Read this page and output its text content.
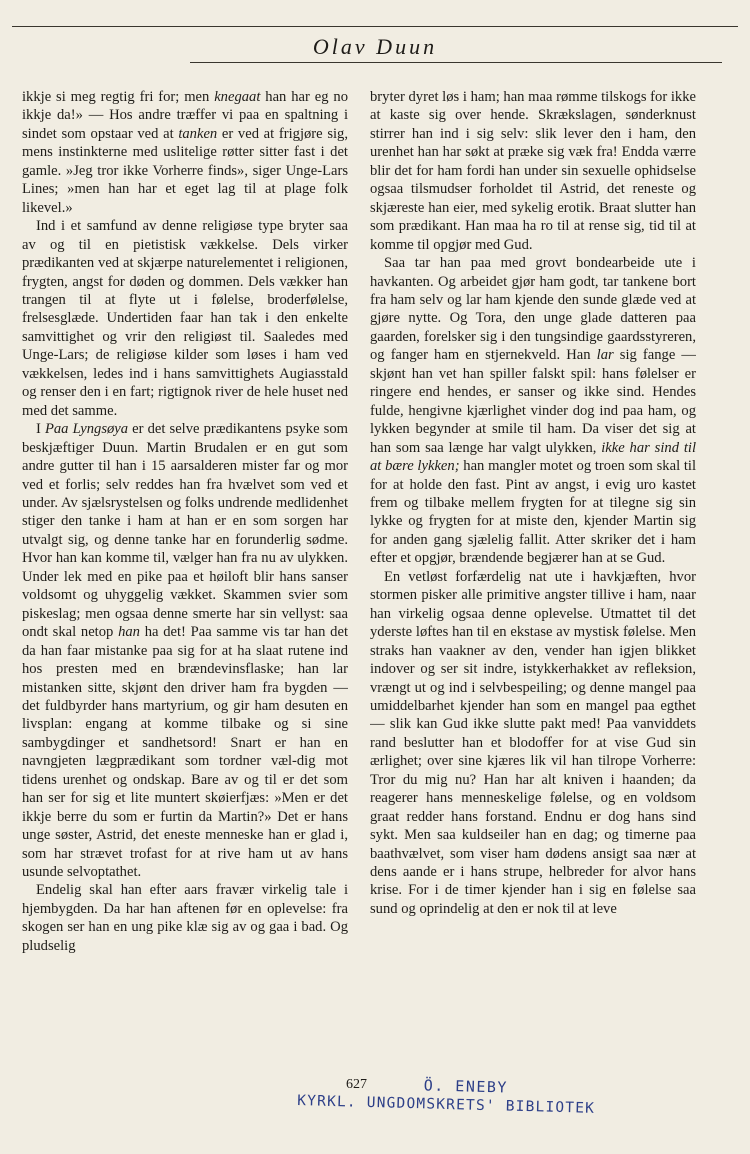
Olav Duun

ikkje si meg regtig fri for; men knegaat han har eg no ikkje da!» — Hos andre træffer vi paa en spaltning i sindet som opstaar ved at tanken er ved at frigjøre sig, mens instinkterne med uslitelige røtter sitter fast i det gamle. »Jeg tror ikke Vorherre finds», siger Unge-Lars Lines; »men han har et eget lag til at plage folk likevel.»

Ind i et samfund av denne religiøse type bryter saa av og til en pietistisk vækkelse. Dels virker prædikanten ved at skjærpe naturelementet i religionen, frygten, angst for døden og dommen. Dels vækker han trangen til at flyte ut i følelse, broderfølelse, frelsesglæde. Undertiden faar han tak i den enkelte samvittighet og vrir den religiøst til. Saaledes med Unge-Lars; de religiøse kilder som løses i ham ved vækkelsen, ledes ind i hans samvittighets Augiasstald og renser den i en fart; rigtignok river de hele huset ned med det samme.

I Paa Lyngsøya er det selve prædikantens psyke som beskjæftiger Duun. Martin Brudalen er en gut som andre gutter til han i 15 aarsalderen mister far og mor ved et forlis; selv reddes han fra hvælvet som ved et under. Av sjælsrystelsen og folks undrende medlidenhet stiger den tanke i ham at han er en som sorgen har utvalgt sig, og denne tanke har en forunderlig sødme. Hvor han kan komme til, vælger han fra nu av ulykken. Under lek med en pike paa et høiloft blir hans sanser voldsomt og uhyggelig vækket. Skammen svier som piskeslag; men ogsaa denne smerte har sin vellyst: saa ondt skal netop han ha det! Paa samme vis tar han det da han faar mistanke paa sig for at ha slaat rutene ind hos presten med en brændevinsflaske; han lar mistanken sitte, skjønt den driver ham fra bygden — det fuldbyrder hans martyrium, og gir ham desuten en livsplan: engang at komme tilbake og si sine sambygdinger et sandhetsord! Snart er han en navngjeten lægprædikant som tordner væl-dig mot tidens urenhet og ondskap. Bare av og til er det som han ser for sig et lite muntert skøierfjæs: »Men er det ikkje berre du som er furtin da Martin?» Det er hans unge søster, Astrid, det eneste menneske han er glad i, som har strævet trofast for at rive ham ut av hans usunde selvoptathet.

Endelig skal han efter aars fravær virkelig tale i hjembygden. Da har han aftenen før en oplevelse: fra skogen ser han en ung pike klæ sig av og gaa i bad. Og pludselig

bryter dyret løs i ham; han maa rømme tilskogs for ikke at kaste sig over hende. Skrækslagen, sønderknust stirrer han ind i sig selv: slik lever den i ham, den urenhet han har søkt at præke sig væk fra! Endda værre blir det for ham fordi han under sin sexuelle ophidselse ogsaa tilsmudser forholdet til Astrid, det reneste og skjæreste han eier, med sykelig erotik. Braat slutter han som prædikant. Han maa ha ro til at rense sig, tid til at komme til opgjør med Gud.

Saa tar han paa med grovt bondearbeide ute i havkanten. Og arbeidet gjør ham godt, tar tankene bort fra ham selv og lar ham kjende den sunde glæde ved at gjøre nytte. Og Tora, den unge glade datteren paa gaarden, forelsker sig i den tungsindige gaardsstyreren, og fanger ham en stjernekveld. Han lar sig fange — skjønt han vet han spiller falskt spil: hans følelser er ringere end hendes, er sanser og ikke sind. Hendes fulde, hengivne kjærlighet vinder dog ind paa ham, og lykken begynder at smile til ham. Da viser det sig at han som saa længe har valgt ulykken, ikke har sind til at bære lykken; han mangler motet og troen som skal til for at holde den fast. Pint av angst, i evig uro kastet frem og tilbake mellem frygten for at tilegne sig sin lykke og frygten for at miste den, kjender Martin sig for anden gang sjælelig fallit. Atter skriker det i ham efter et opgjør, brændende begjærer han at se Gud.

En vetløst forfærdelig nat ute i havkjæften, hvor stormen pisker alle primitive angster tillive i ham, naar han virkelig ogsaa denne oplevelse. Utmattet til det yderste løftes han til en ekstase av mystisk følelse. Men straks han vaakner av den, vender han igjen blikket indover og ser sit indre, istykkerhakket av refleksion, vrængt ut og ind i selvbespeiling; og denne mangel paa umiddelbarhet kjender han som en mangel paa egthet — slik kan Gud ikke slutte pakt med! Paa vanviddets rand beslutter han et blodoffer for at vise Gud sin ærlighet; over sine kjæres lik vil han tilrope Vorherre: Tror du mig nu? Han har alt kniven i haanden; da reagerer hans menneskelige følelse, og en voldsom graat redder hans forstand. Endnu er dog hans sind sykt. Men saa kuldseiler han en dag; og timerne paa baathvælvet, som viser ham dødens ansigt saa nær at dens aande er i hans strupe, helbreder for alvor hans krise. For i de timer kjender han i sig en følelse saa sund og oprindelig at den er nok til at leve

627	Ö. ENEBY
KYRKL. UNGDOMSKRETS' BIBLIOTEK
